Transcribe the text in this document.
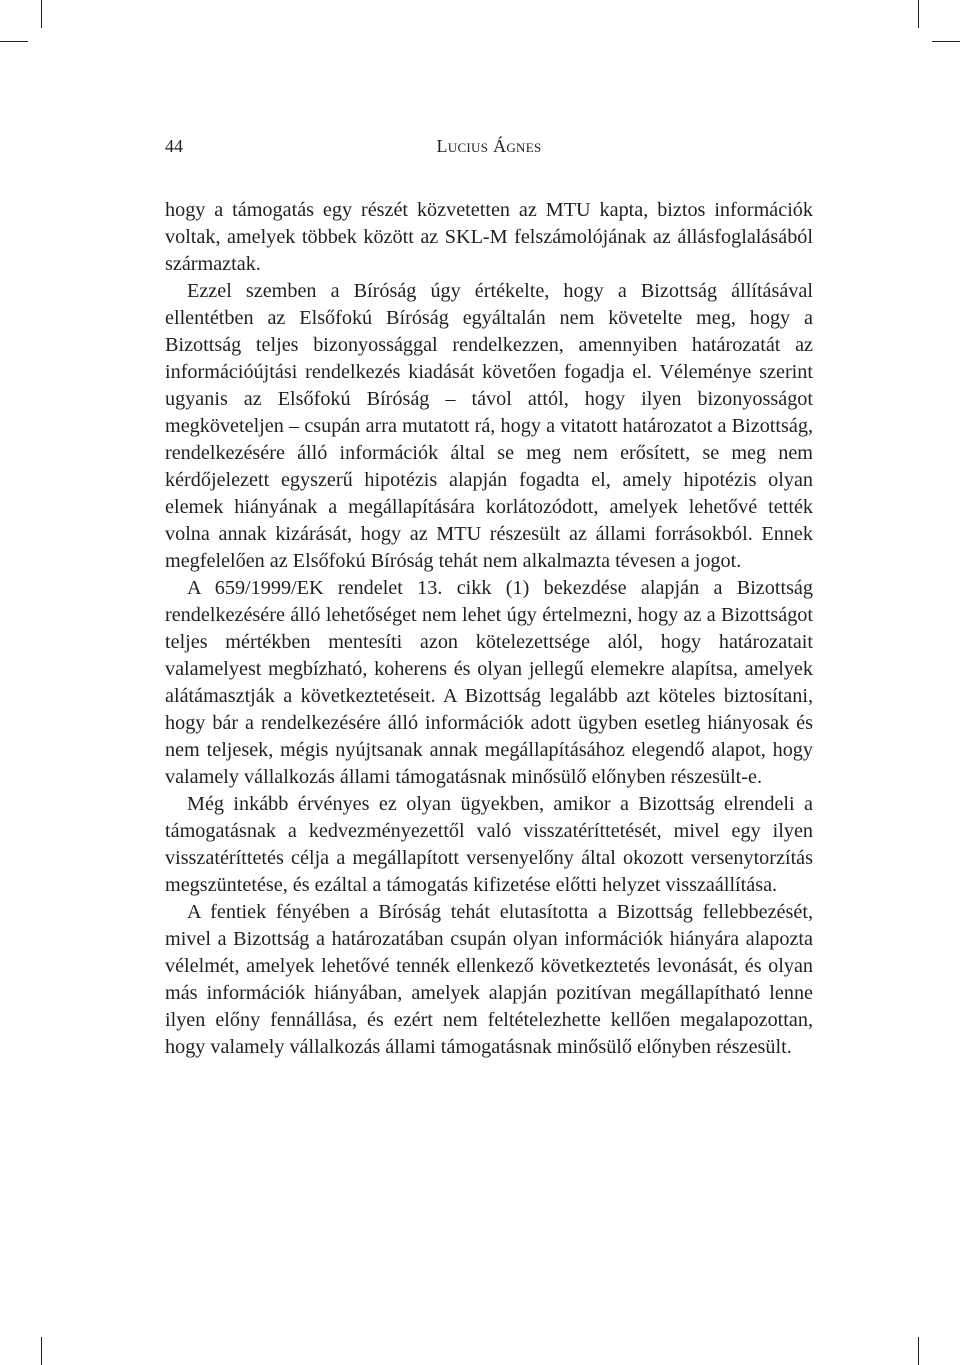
44	Lucius Ágnes

hogy a támogatás egy részét közvetetten az MTU kapta, biztos információk voltak, amelyek többek között az SKL-M felszámolójának az állásfoglalásából származtak.

Ezzel szemben a Bíróság úgy értékelte, hogy a Bizottság állításával ellentétben az Elsőfokú Bíróság egyáltalán nem követelte meg, hogy a Bizottság teljes bizonyossággal rendelkezzen, amennyiben határozatát az információújtási rendelkezés kiadását követően fogadja el. Véleménye szerint ugyanis az Elsőfokú Bíróság – távol attól, hogy ilyen bizonyosságot megköveteljen – csupán arra mutatott rá, hogy a vitatott határozatot a Bizottság, rendelkezésére álló információk által se meg nem erősített, se meg nem kérdőjelezett egyszerű hipotézis alapján fogadta el, amely hipotézis olyan elemek hiányának a megállapítására korlátozódott, amelyek lehetővé tették volna annak kizárását, hogy az MTU részesült az állami forrásokból. Ennek megfelelően az Elsőfokú Bíróság tehát nem alkalmazta tévesen a jogot.

A 659/1999/EK rendelet 13. cikk (1) bekezdése alapján a Bizottság rendelkezésére álló lehetőséget nem lehet úgy értelmezni, hogy az a Bizottságot teljes mértékben mentesíti azon kötelezettsége alól, hogy határozatait valamelyest megbízható, koherens és olyan jellegű elemekre alapítsa, amelyek alátámasztják a következtetéseit. A Bizottság legalább azt köteles biztosítani, hogy bár a rendelkezésére álló információk adott ügyben esetleg hiányosak és nem teljesek, mégis nyújtsanak annak megállapításához elegendő alapot, hogy valamely vállalkozás állami támogatásnak minősülő előnyben részesült-e.

Még inkább érvényes ez olyan ügyekben, amikor a Bizottság elrendeli a támogatásnak a kedvezményezettől való visszatéríttetését, mivel egy ilyen visszatéríttetés célja a megállapított versenyelőny által okozott versenytorzítás megszüntetése, és ezáltal a támogatás kifizetése előtti helyzet visszaállítása.

A fentiek fényében a Bíróság tehát elutasította a Bizottság fellebbezését, mivel a Bizottság a határozatában csupán olyan információk hiányára alapozta vélelmét, amelyek lehetővé tennék ellenkező következtetés levonását, és olyan más információk hiányában, amelyek alapján pozitívan megállapítható lenne ilyen előny fennállása, és ezért nem feltételezhette kellően megalapozottan, hogy valamely vállalkozás állami támogatásnak minősülő előnyben részesült.
